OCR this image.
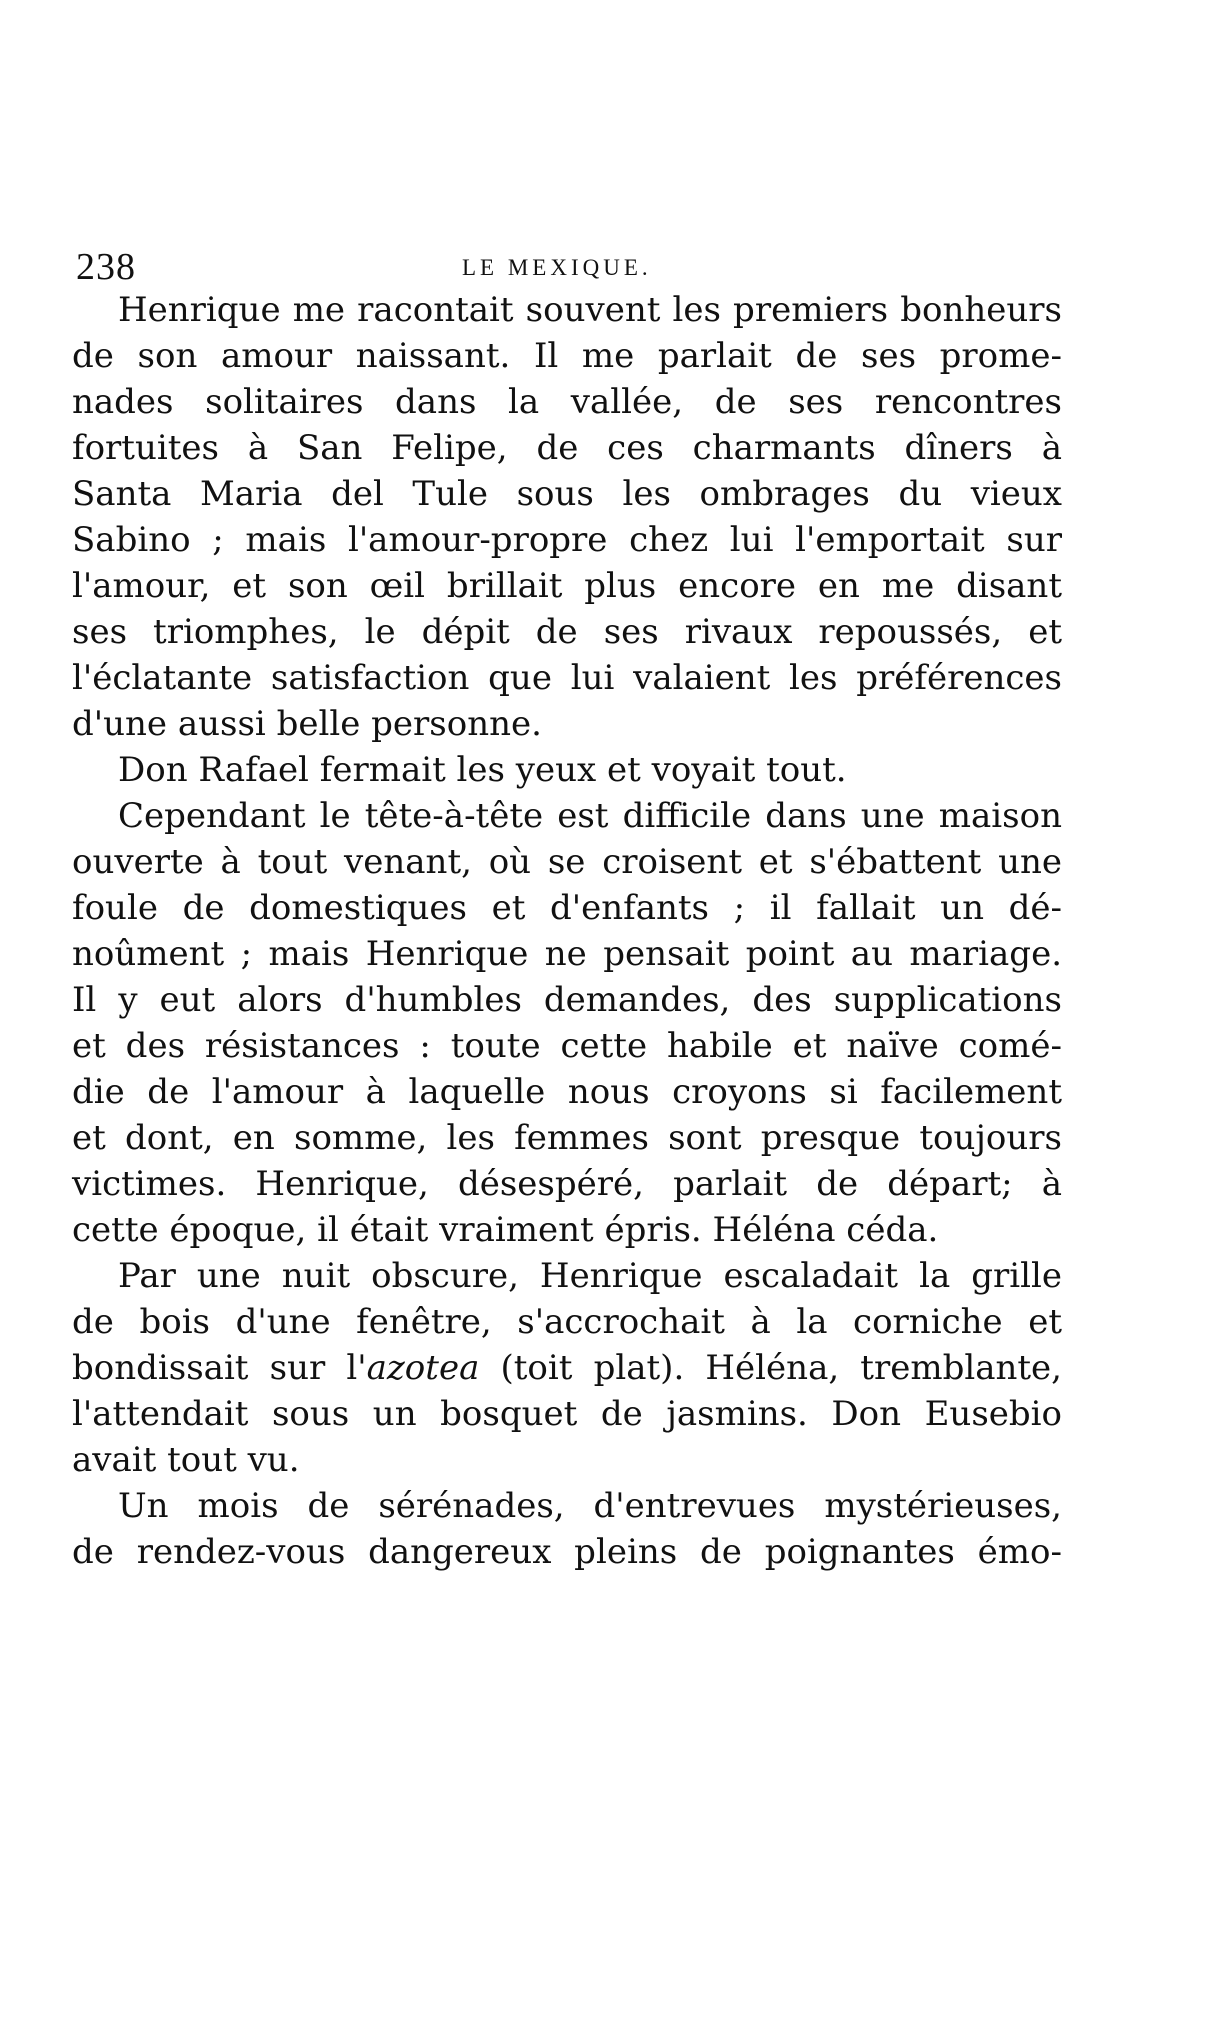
238	LE MEXIQUE.
Henrique me racontait souvent les premiers bonheurs
de son amour naissant. Il me parlait de ses prome-
nades solitaires dans la vallée, de ses rencontres
fortuites à San Felipe, de ces charmants dîners à
Santa Maria del Tule sous les ombrages du vieux
Sabino ; mais l'amour-propre chez lui l'emportait sur
l'amour, et son œil brillait plus encore en me disant
ses triomphes, le dépit de ses rivaux repoussés, et
l'éclatante satisfaction que lui valaient les préférences
d'une aussi belle personne.
Don Rafael fermait les yeux et voyait tout.
Cependant le tête-à-tête est difficile dans une maison
ouverte à tout venant, où se croisent et s'ébattent une
foule de domestiques et d'enfants ; il fallait un dé-
noûment ; mais Henrique ne pensait point au mariage.
Il y eut alors d'humbles demandes, des supplications
et des résistances : toute cette habile et naïve comé-
die de l'amour à laquelle nous croyons si facilement
et dont, en somme, les femmes sont presque toujours
victimes. Henrique, désespéré, parlait de départ; à
cette époque, il était vraiment épris. Héléna céda.
Par une nuit obscure, Henrique escaladait la grille
de bois d'une fenêtre, s'accrochait à la corniche et
bondissait sur l'azotea (toit plat). Héléna, tremblante,
l'attendait sous un bosquet de jasmins. Don Eusebio
avait tout vu.
Un mois de sérénades, d'entrevues mystérieuses,
de rendez-vous dangereux pleins de poignantes émo-
